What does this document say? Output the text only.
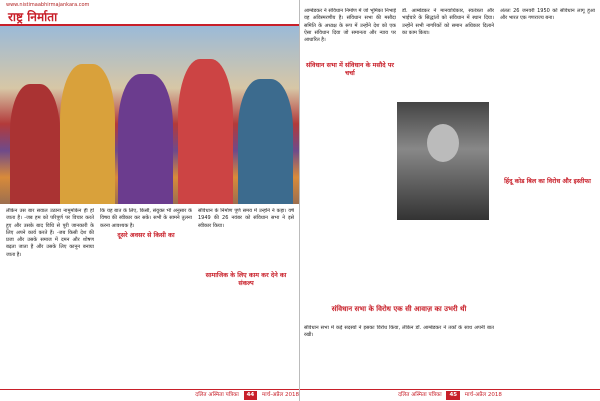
www.nistimaabhirmajankara.com
राष्ट्र निर्माता
लेकिन उस बार सवाल उठाना नामुमकिन ही हो जाता है। -जब हम को परिपूर्ण पर विचार करते हुए और उसके बाद विधि से पूरी जानकारी के लिए अपने कार्य करते हैं। -जब किसी देश की प्रजा और उसके समाज में दमन और शोषण बढ़ता जाता है और उसके लिए कानून बनाया जाता है।
कि यह बात के लिए, किसी, संयुक्त भी अनुसार के विषय की स्वीकार कर सके। सभी के सामने तुलना करना आवश्यक है।
दूसरे अवसर से किसी का
संविधान के निर्माण पूर्ण समय में उन्होंने ने कहा। वर्ष 1949 की 26 नवंबर को संविधान सभा ने इसे स्वीकार किया।
सामाजिक के लिए काम कर देने का संकल्प
दलित अस्मिता पत्रिका 44 मार्च-अप्रैल 2018
आम्बेडकर ने संविधान निर्माण में जो भूमिका निभाई वह अविस्मरणीय है। संविधान सभा की मसौदा समिति के अध्यक्ष के रूप में उन्होंने देश को एक ऐसा संविधान दिया जो समानता और न्याय पर आधारित है।
संविधान सभा में संविधान के मसौदे पर चर्चा
डॉ. आम्बेडकर ने मानवाधिकार, स्वतंत्रता और भाईचारे के सिद्धांतों को संविधान में स्थान दिया। उन्होंने सभी नागरिकों को समान अधिकार दिलाने का काम किया।
अंततः 26 जनवरी 1950 को संविधान लागू हुआ और भारत एक गणराज्य बना।
हिंदू कोड बिल का विरोध और इस्तीफा
संविधान सभा के विरोध एक सी आवाज़ का उभरी थी
संविधान सभा में कई सदस्यों ने इसका विरोध किया, लेकिन डॉ. आम्बेडकर ने तर्कों के साथ अपनी बात रखी।
दलित अस्मिता पत्रिका 45 मार्च-अप्रैल 2018
